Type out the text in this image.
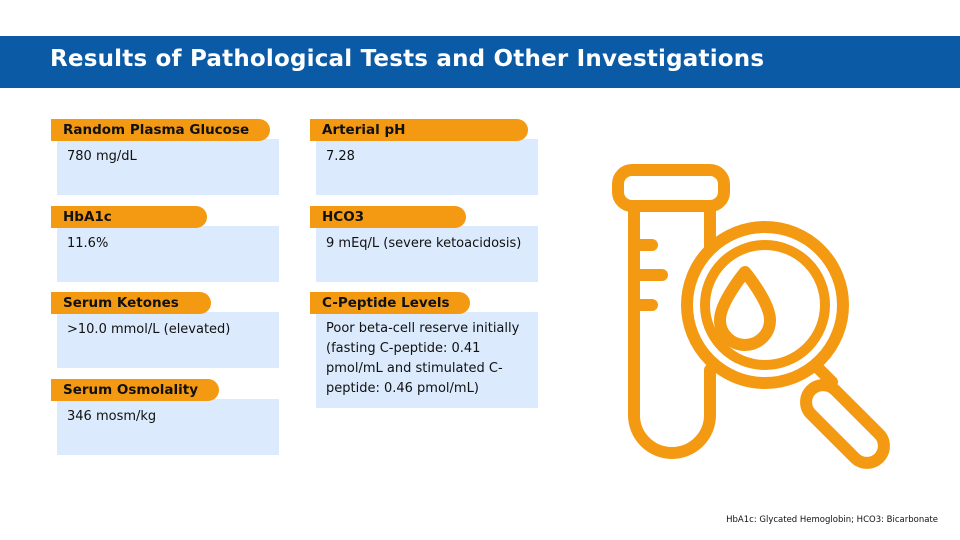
Results of Pathological Tests and Other Investigations
Random Plasma Glucose
780 mg/dL
HbA1c
11.6%
Serum Ketones
>10.0 mmol/L (elevated)
Serum Osmolality
346 mosm/kg
Arterial pH
7.28
HCO3
9 mEq/L (severe ketoacidosis)
C-Peptide Levels
Poor beta-cell reserve initially (fasting C-peptide: 0.41 pmol/mL and stimulated C-peptide: 0.46 pmol/mL)
HbA1c: Glycated Hemoglobin; HCO3: Bicarbonate
